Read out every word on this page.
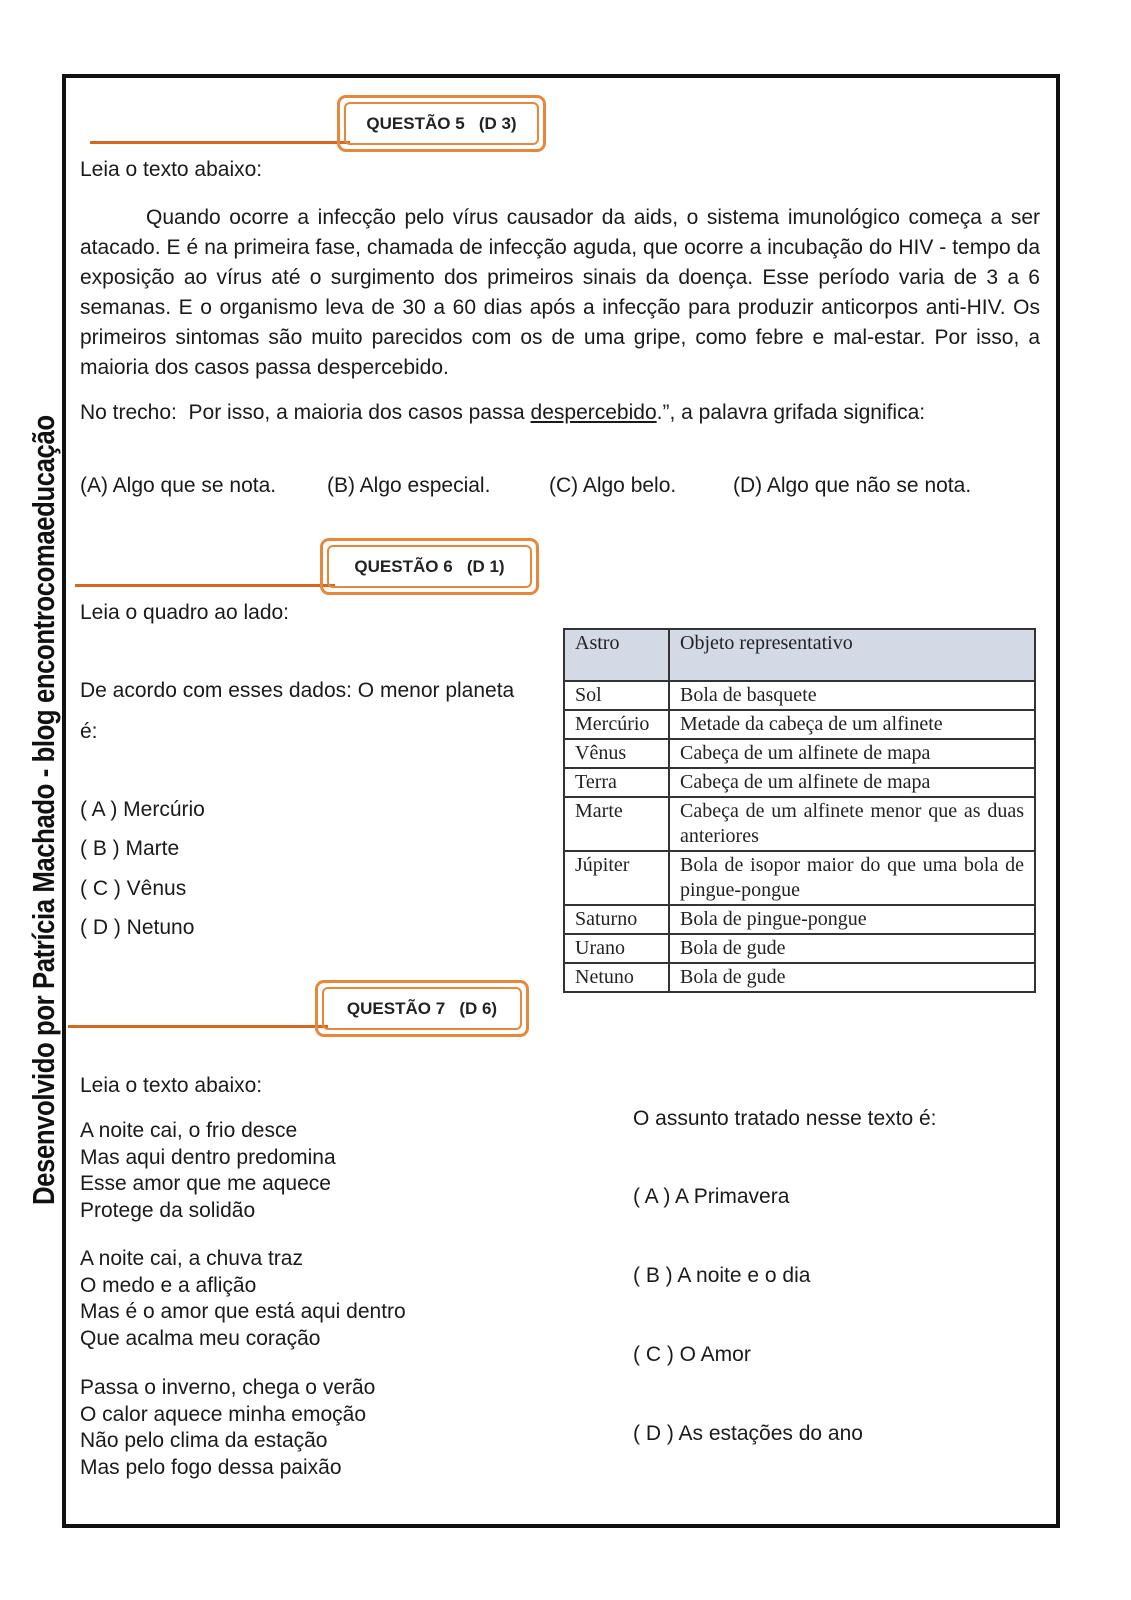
Desenvolvido por Patrícia Machado - blog encontrocomaeducação
QUESTÃO 5   (D 3)
Leia o texto abaixo:
Quando ocorre a infecção pelo vírus causador da aids, o sistema imunológico começa a ser atacado. E é na primeira fase, chamada de infecção aguda, que ocorre a incubação do HIV - tempo da exposição ao vírus até o surgimento dos primeiros sinais da doença. Esse período varia de 3 a 6 semanas. E o organismo leva de 30 a 60 dias após a infecção para produzir anticorpos anti-HIV. Os primeiros sintomas são muito parecidos com os de uma gripe, como febre e mal-estar. Por isso, a maioria dos casos passa despercebido.
No trecho:  Por isso, a maioria dos casos passa despercebido.”, a palavra grifada significa:
(A) Algo que se nota. (B) Algo especial.	(C) Algo belo.	(D) Algo que não se nota.
QUESTÃO 6   (D 1)
Leia o quadro ao lado:
De acordo com esses dados: O menor planeta
é:
( A ) Mercúrio
( B ) Marte
( C ) Vênus
( D ) Netuno
Astro	Objeto representativo
Sol	Bola de basquete
Mercúrio	Metade da cabeça de um alfinete
Vênus	Cabeça de um alfinete de mapa
Terra	Cabeça de um alfinete de mapa
Marte	Cabeça de um alfinete menor que as duas anteriores
Júpiter	Bola de isopor maior do que uma bola de pingue-pongue
Saturno	Bola de pingue-pongue
Urano	Bola de gude
Netuno	Bola de gude
QUESTÃO 7   (D 6)
Leia o texto abaixo:
A noite cai, o frio desce
Mas aqui dentro predomina
Esse amor que me aquece
Protege da solidão
A noite cai, a chuva traz
O medo e a aflição
Mas é o amor que está aqui dentro
Que acalma meu coração
Passa o inverno, chega o verão
O calor aquece minha emoção
Não pelo clima da estação
Mas pelo fogo dessa paixão
O assunto tratado nesse texto é:
( A ) A Primavera
( B ) A noite e o dia
( C ) O Amor
( D ) As estações do ano
